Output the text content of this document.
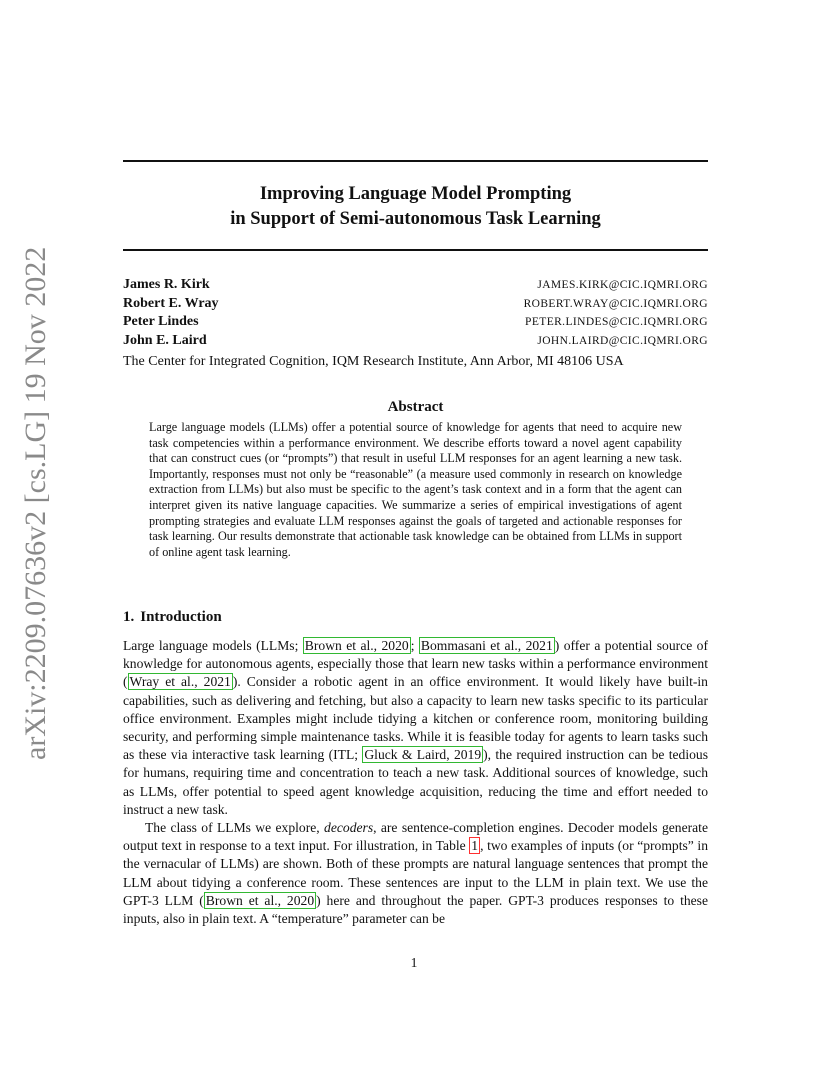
arXiv:2209.07636v2 [cs.LG] 19 Nov 2022
Improving Language Model Prompting
in Support of Semi-autonomous Task Learning
James R. Kirk	JAMES.KIRK@CIC.IQMRI.ORG
Robert E. Wray	ROBERT.WRAY@CIC.IQMRI.ORG
Peter Lindes	PETER.LINDES@CIC.IQMRI.ORG
John E. Laird	JOHN.LAIRD@CIC.IQMRI.ORG
The Center for Integrated Cognition, IQM Research Institute, Ann Arbor, MI 48106 USA
Abstract
Large language models (LLMs) offer a potential source of knowledge for agents that need to acquire new task competencies within a performance environment. We describe efforts toward a novel agent capability that can construct cues (or “prompts”) that result in useful LLM responses for an agent learning a new task. Importantly, responses must not only be “reasonable” (a measure used commonly in research on knowledge extraction from LLMs) but also must be specific to the agent’s task context and in a form that the agent can interpret given its native language capacities. We summarize a series of empirical investigations of agent prompting strategies and evaluate LLM responses against the goals of targeted and actionable responses for task learning. Our results demonstrate that actionable task knowledge can be obtained from LLMs in support of online agent task learning.
1. Introduction

Large language models (LLMs; Brown et al., 2020 ; Bommasani et al., 2021 ) offer a potential source of knowledge for autonomous agents, especially those that learn new tasks within a performance environment ( Wray et al., 2021 ). Consider a robotic agent in an office environment. It would likely have built-in capabilities, such as delivering and fetching, but also a capacity to learn new tasks specific to its particular office environment. Examples might include tidying a kitchen or conference room, monitoring building security, and performing simple maintenance tasks. While it is feasible today for agents to learn tasks such as these via interactive task learning (ITL; Gluck & Laird, 2019 ), the required instruction can be tedious for humans, requiring time and concentration to teach a new task. Additional sources of knowledge, such as LLMs, offer potential to speed agent knowledge acquisition, reducing the time and effort needed to instruct a new task.

The class of LLMs we explore, decoders, are sentence-completion engines. Decoder models generate output text in response to a text input. For illustration, in Table 1 , two examples of inputs (or “prompts” in the vernacular of LLMs) are shown. Both of these prompts are natural language sentences that prompt the LLM about tidying a conference room. These sentences are input to the LLM in plain text. We use the GPT-3 LLM ( Brown et al., 2020 ) here and throughout the paper. GPT-3 produces responses to these inputs, also in plain text. A “temperature” parameter can be

1
